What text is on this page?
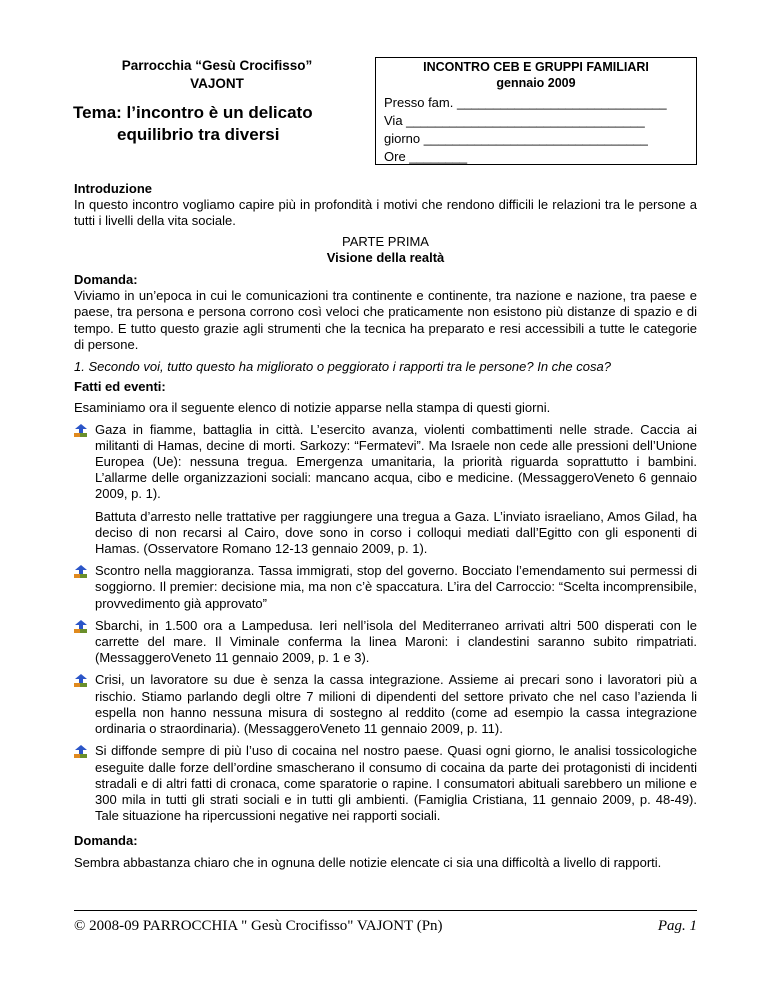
Parrocchia “Gesù Crocifisso”
VAJONT
Tema: l’incontro è un delicato
equilibrio tra diversi
INCONTRO CEB E GRUPPI FAMILIARI
gennaio 2009
Presso fam. _____________________________
Via _________________________________
giorno _______________________________
Ore ________

Introduzione

In questo incontro vogliamo capire più in profondità i motivi che rendono difficili le relazioni tra le persone a tutti i livelli della vita sociale.

PARTE PRIMA

Visione della realtà

Domanda:

Viviamo in un’epoca in cui le comunicazioni tra continente e continente, tra nazione e nazione, tra paese e paese, tra persona e persona corrono così veloci che praticamente non esistono più distanze di spazio e di tempo. E tutto questo grazie agli strumenti che la tecnica ha preparato e resi accessibili a tutte le categorie di persone.

1. Secondo voi, tutto questo ha migliorato o peggiorato i rapporti tra le persone? In che cosa?

Fatti ed eventi:

Esaminiamo ora il seguente elenco di notizie apparse nella stampa di questi giorni.

Gaza in fiamme, battaglia in città. L’esercito avanza, violenti combattimenti nelle strade. Caccia ai militanti di Hamas, decine di morti. Sarkozy: “Fermatevi”. Ma Israele non cede alle pressioni dell’Unione Europea (Ue): nessuna tregua. Emergenza umanitaria, la priorità riguarda soprattutto i bambini. L’allarme delle organizzazioni sociali: mancano acqua, cibo e medicine. (MessaggeroVeneto 6 gennaio 2009, p. 1).
Battuta d’arresto nelle trattative per raggiungere una tregua a Gaza. L’inviato israeliano, Amos Gilad, ha deciso di non recarsi al Cairo, dove sono in corso i colloqui mediati dall’Egitto con gli esponenti di Hamas. (Osservatore Romano 12-13 gennaio 2009, p. 1).
Scontro nella maggioranza. Tassa immigrati, stop del governo. Bocciato l’emendamento sui permessi di soggiorno. Il premier: decisione mia, ma non c’è spaccatura. L’ira del Carroccio: “Scelta incomprensibile, provvedimento già approvato”
Sbarchi, in 1.500 ora a Lampedusa. Ieri nell’isola del Mediterraneo arrivati altri 500 disperati con le carrette del mare. Il Viminale conferma la linea Maroni: i clandestini saranno subito rimpatriati. (MessaggeroVeneto 11 gennaio 2009, p. 1 e 3).
Crisi, un lavoratore su due è senza la cassa integrazione. Assieme ai precari sono i lavoratori più a rischio. Stiamo parlando degli oltre 7 milioni di dipendenti del settore privato che nel caso l’azienda li espella non hanno nessuna misura di sostegno al reddito (come ad esempio la cassa integrazione ordinaria o straordinaria). (MessaggeroVeneto 11 gennaio 2009, p. 11).
Si diffonde sempre di più l’uso di cocaina nel nostro paese. Quasi ogni giorno, le analisi tossicologiche eseguite dalle forze dell’ordine smascherano il consumo di cocaina da parte dei protagonisti di incidenti stradali e di altri fatti di cronaca, come sparatorie o rapine. I consumatori abituali sarebbero un milione e 300 mila in tutti gli strati sociali e in tutti gli ambienti. (Famiglia Cristiana, 11 gennaio 2009, p. 48-49). Tale situazione ha ripercussioni negative nei rapporti sociali.

Domanda:

Sembra abbastanza chiaro che in ognuna delle notizie elencate ci sia una difficoltà a livello di rapporti.

© 2008-09 PARROCCHIA " Gesù Crocifisso" VAJONT (Pn)	Pag. 1
